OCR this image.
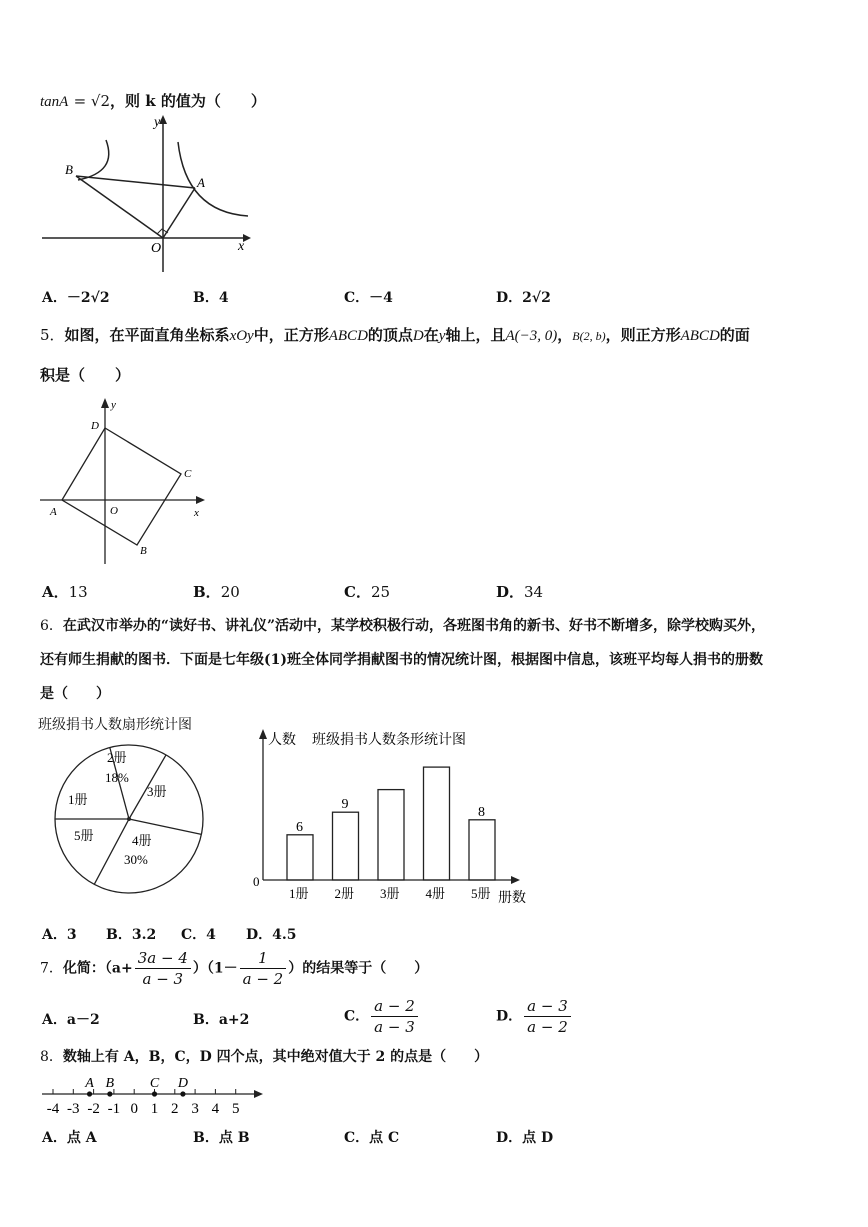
tanA = √2，则 k 的值为（　　）
y
x
O
A
B
A．－2√2	B．4	C．－4	D．2√2
5．如图，在平面直角坐标系xOy中，正方形ABCD的顶点D在y轴上，且A(−3, 0)，B(2, b)，则正方形ABCD的面
积是（　　）
y
x
O
A
B
C
D
A．13	B．20	C．25	D．34
6．在武汉市举办的“读好书、讲礼仪”活动中，某学校积极行动，各班图书角的新书、好书不断增多，除学校购买外，
还有师生捐献的图书．下面是七年级(1)班全体同学捐献图书的情况统计图，根据图中信息，该班平均每人捐书的册数
是（　　）
班级捐书人数扇形统计图
2册
18%
3册
1册
5册	4册
30%
人数 班级捐书人数条形统计图
0
册数
1册
6
2册
9
3册 4册 5册
8
A．3 B．3.2 C．4 D．4.5
7．化简：$(a+ \frac{3a - 4}{a - 3} )(1- \frac{1}{a - 2}$ ）的结果等于（　　）
A．a－2	B．a+2	C． $\frac{a - 2}{a - 3}$	D． $\frac{a - 3}{a - 2}$
8．数轴上有 A，B，C，D 四个点，其中绝对值大于 2 的点是（　　）
-4 -3 -2 -1 0 1 2 3 4 5
A B	C D
A．点 A	B．点 B	C．点 C	D．点 D
